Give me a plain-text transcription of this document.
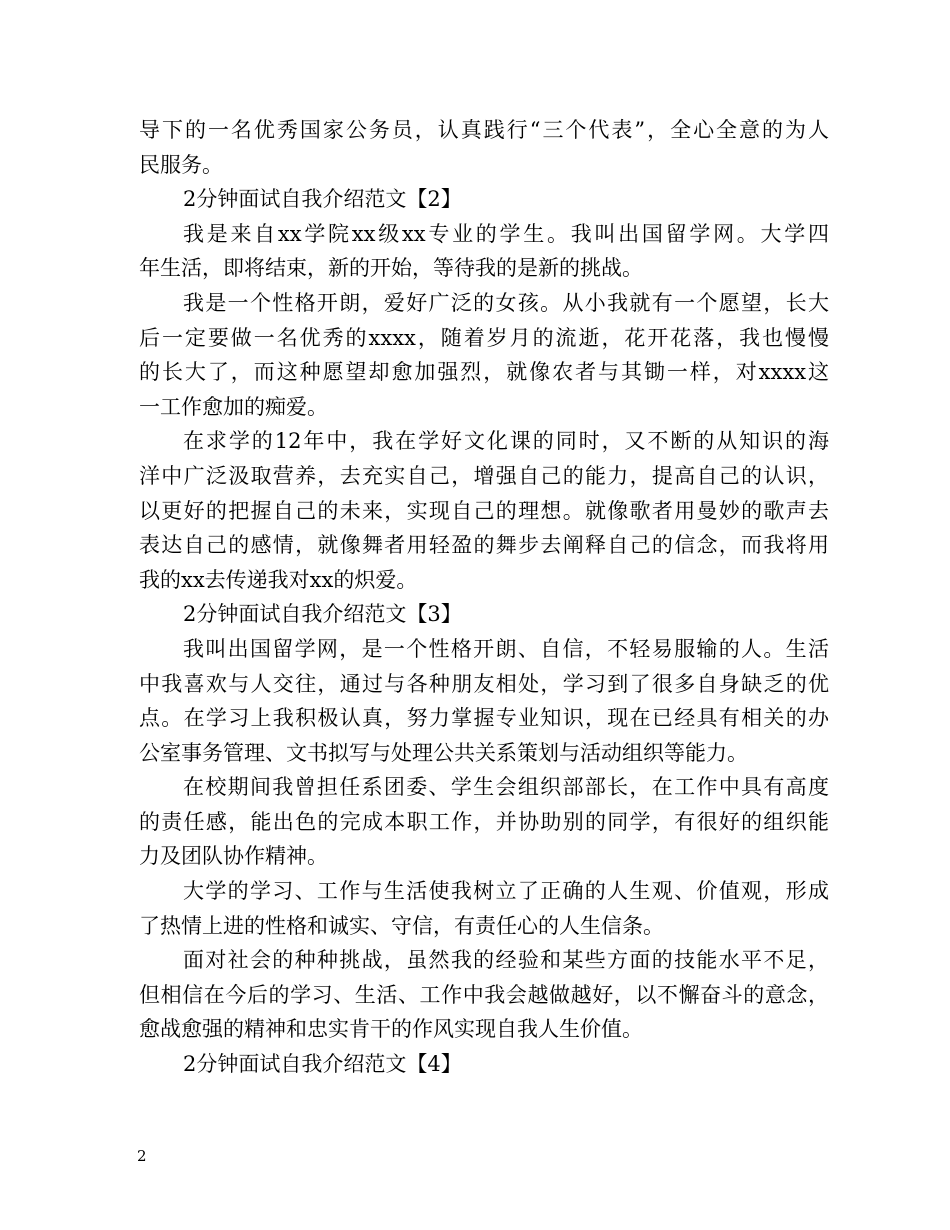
导下的一名优秀国家公务员，认真践行“三个代表”，全心全意的为人
民服务。
2分钟面试自我介绍范文【2】
我是来自xx学院xx级xx专业的学生。我叫出国留学网。大学四
年生活，即将结束，新的开始，等待我的是新的挑战。
我是一个性格开朗，爱好广泛的女孩。从小我就有一个愿望，长大
后一定要做一名优秀的xxxx，随着岁月的流逝，花开花落，我也慢慢
的长大了，而这种愿望却愈加强烈，就像农者与其锄一样，对xxxx这
一工作愈加的痴爱。
在求学的12年中，我在学好文化课的同时，又不断的从知识的海
洋中广泛汲取营养，去充实自己，增强自己的能力，提高自己的认识，
以更好的把握自己的未来，实现自己的理想。就像歌者用曼妙的歌声去
表达自己的感情，就像舞者用轻盈的舞步去阐释自己的信念，而我将用
我的xx去传递我对xx的炽爱。
2分钟面试自我介绍范文【3】
我叫出国留学网，是一个性格开朗、自信，不轻易服输的人。生活
中我喜欢与人交往，通过与各种朋友相处，学习到了很多自身缺乏的优
点。在学习上我积极认真，努力掌握专业知识，现在已经具有相关的办
公室事务管理、文书拟写与处理公共关系策划与活动组织等能力。
在校期间我曾担任系团委、学生会组织部部长，在工作中具有高度
的责任感，能出色的完成本职工作，并协助别的同学，有很好的组织能
力及团队协作精神。
大学的学习、工作与生活使我树立了正确的人生观、价值观，形成
了热情上进的性格和诚实、守信，有责任心的人生信条。
面对社会的种种挑战，虽然我的经验和某些方面的技能水平不足，
但相信在今后的学习、生活、工作中我会越做越好，以不懈奋斗的意念，
愈战愈强的精神和忠实肯干的作风实现自我人生价值。
2分钟面试自我介绍范文【4】
2
